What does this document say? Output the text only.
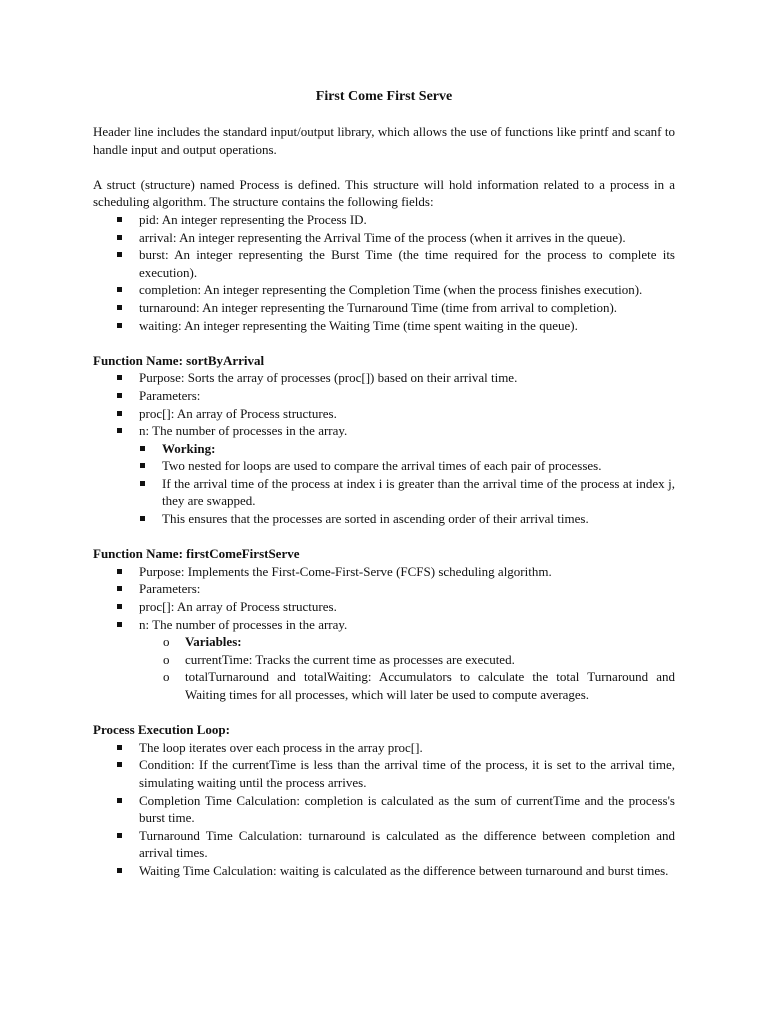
First Come First Serve

Header line includes the standard input/output library, which allows the use of functions like printf and scanf to handle input and output operations.

A struct (structure) named Process is defined. This structure will hold information related to a process in a scheduling algorithm. The structure contains the following fields:

pid: An integer representing the Process ID.
arrival: An integer representing the Arrival Time of the process (when it arrives in the queue).
burst: An integer representing the Burst Time (the time required for the process to complete its execution).
completion: An integer representing the Completion Time (when the process finishes execution).
turnaround: An integer representing the Turnaround Time (time from arrival to completion).
waiting: An integer representing the Waiting Time (time spent waiting in the queue).

Function Name: sortByArrival

Purpose: Sorts the array of processes (proc[]) based on their arrival time.
Parameters:
proc[]: An array of Process structures.
n: The number of processes in the array.
Working:
Two nested for loops are used to compare the arrival times of each pair of processes.
If the arrival time of the process at index i is greater than the arrival time of the process at index j, they are swapped.
This ensures that the processes are sorted in ascending order of their arrival times.

Function Name: firstComeFirstServe

Purpose: Implements the First-Come-First-Serve (FCFS) scheduling algorithm.
Parameters:
proc[]: An array of Process structures.
n: The number of processes in the array.
o Variables:
o currentTime: Tracks the current time as processes are executed.
o totalTurnaround and totalWaiting: Accumulators to calculate the total Turnaround and Waiting times for all processes, which will later be used to compute averages.

Process Execution Loop:

The loop iterates over each process in the array proc[].
Condition: If the currentTime is less than the arrival time of the process, it is set to the arrival time, simulating waiting until the process arrives.
Completion Time Calculation: completion is calculated as the sum of currentTime and the process's burst time.
Turnaround Time Calculation: turnaround is calculated as the difference between completion and arrival times.
Waiting Time Calculation: waiting is calculated as the difference between turnaround and burst times.
